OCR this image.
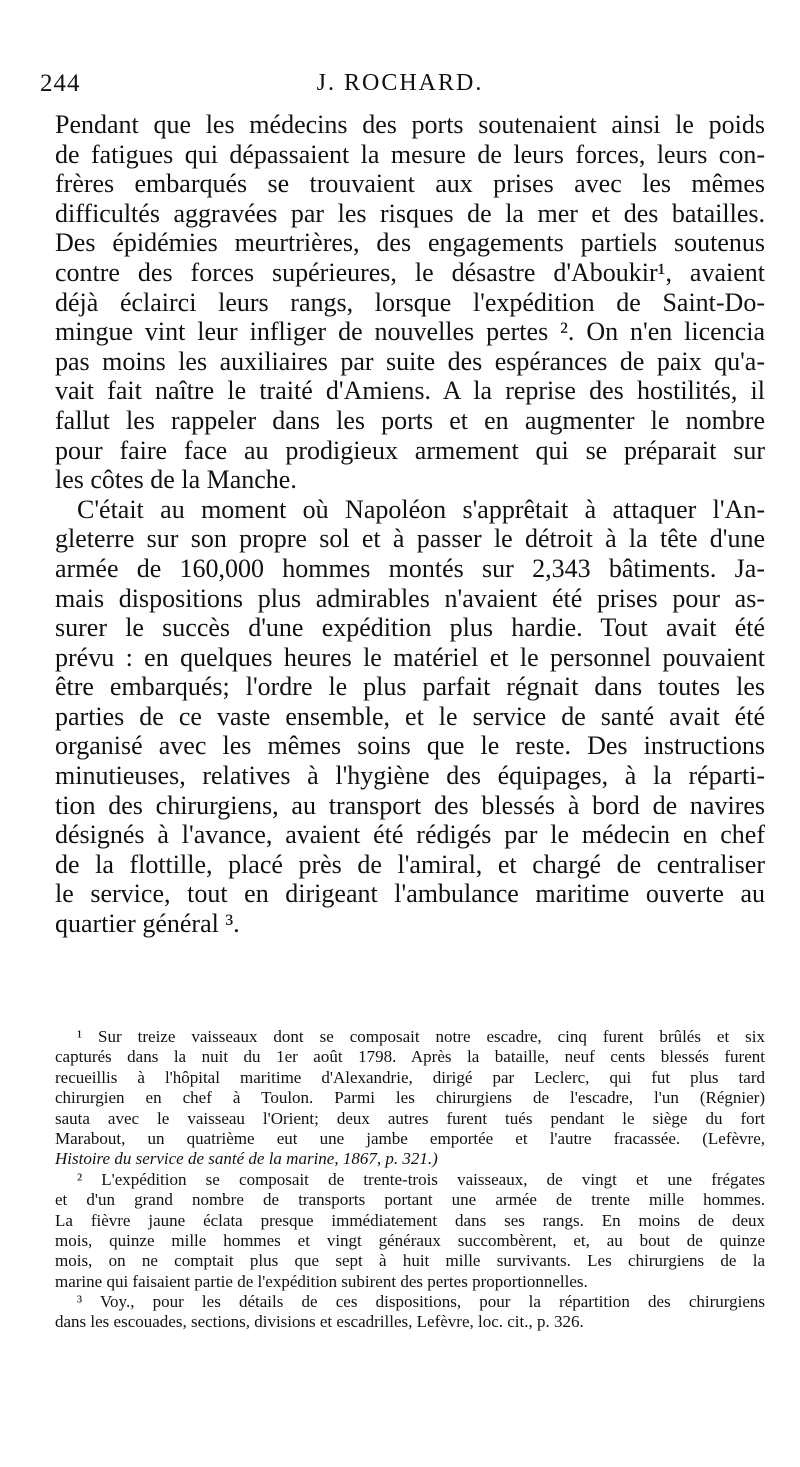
244	J. ROCHARD.
Pendant que les médecins des ports soutenaient ainsi le poids
de fatigues qui dépassaient la mesure de leurs forces, leurs con-
frères embarqués se trouvaient aux prises avec les mêmes
difficultés aggravées par les risques de la mer et des batailles.
Des épidémies meurtrières, des engagements partiels soutenus
contre des forces supérieures, le désastre d'Aboukir¹, avaient
déjà éclairci leurs rangs, lorsque l'expédition de Saint-Do-
mingue vint leur infliger de nouvelles pertes ². On n'en licencia
pas moins les auxiliaires par suite des espérances de paix qu'a-
vait fait naître le traité d'Amiens. A la reprise des hostilités, il
fallut les rappeler dans les ports et en augmenter le nombre
pour faire face au prodigieux armement qui se préparait sur
les côtes de la Manche.
C'était au moment où Napoléon s'apprêtait à attaquer l'An-
gleterre sur son propre sol et à passer le détroit à la tête d'une
armée de 160,000 hommes montés sur 2,343 bâtiments. Ja-
mais dispositions plus admirables n'avaient été prises pour as-
surer le succès d'une expédition plus hardie. Tout avait été
prévu : en quelques heures le matériel et le personnel pouvaient
être embarqués; l'ordre le plus parfait régnait dans toutes les
parties de ce vaste ensemble, et le service de santé avait été
organisé avec les mêmes soins que le reste. Des instructions
minutieuses, relatives à l'hygiène des équipages, à la réparti-
tion des chirurgiens, au transport des blessés à bord de navires
désignés à l'avance, avaient été rédigés par le médecin en chef
de la flottille, placé près de l'amiral, et chargé de centraliser
le service, tout en dirigeant l'ambulance maritime ouverte au
quartier général ³.
¹ Sur treize vaisseaux dont se composait notre escadre, cinq furent brûlés et six
capturés dans la nuit du 1er août 1798. Après la bataille, neuf cents blessés furent
recueillis à l'hôpital maritime d'Alexandrie, dirigé par Leclerc, qui fut plus tard
chirurgien en chef à Toulon. Parmi les chirurgiens de l'escadre, l'un (Régnier)
sauta avec le vaisseau l'Orient; deux autres furent tués pendant le siège du fort
Marabout, un quatrième eut une jambe emportée et l'autre fracassée. (Lefèvre,
Histoire du service de santé de la marine, 1867, p. 321.)
² L'expédition se composait de trente-trois vaisseaux, de vingt et une frégates
et d'un grand nombre de transports portant une armée de trente mille hommes.
La fièvre jaune éclata presque immédiatement dans ses rangs. En moins de deux
mois, quinze mille hommes et vingt généraux succombèrent, et, au bout de quinze
mois, on ne comptait plus que sept à huit mille survivants. Les chirurgiens de la
marine qui faisaient partie de l'expédition subirent des pertes proportionnelles.
³ Voy., pour les détails de ces dispositions, pour la répartition des chirurgiens
dans les escouades, sections, divisions et escadrilles, Lefèvre, loc. cit., p. 326.
